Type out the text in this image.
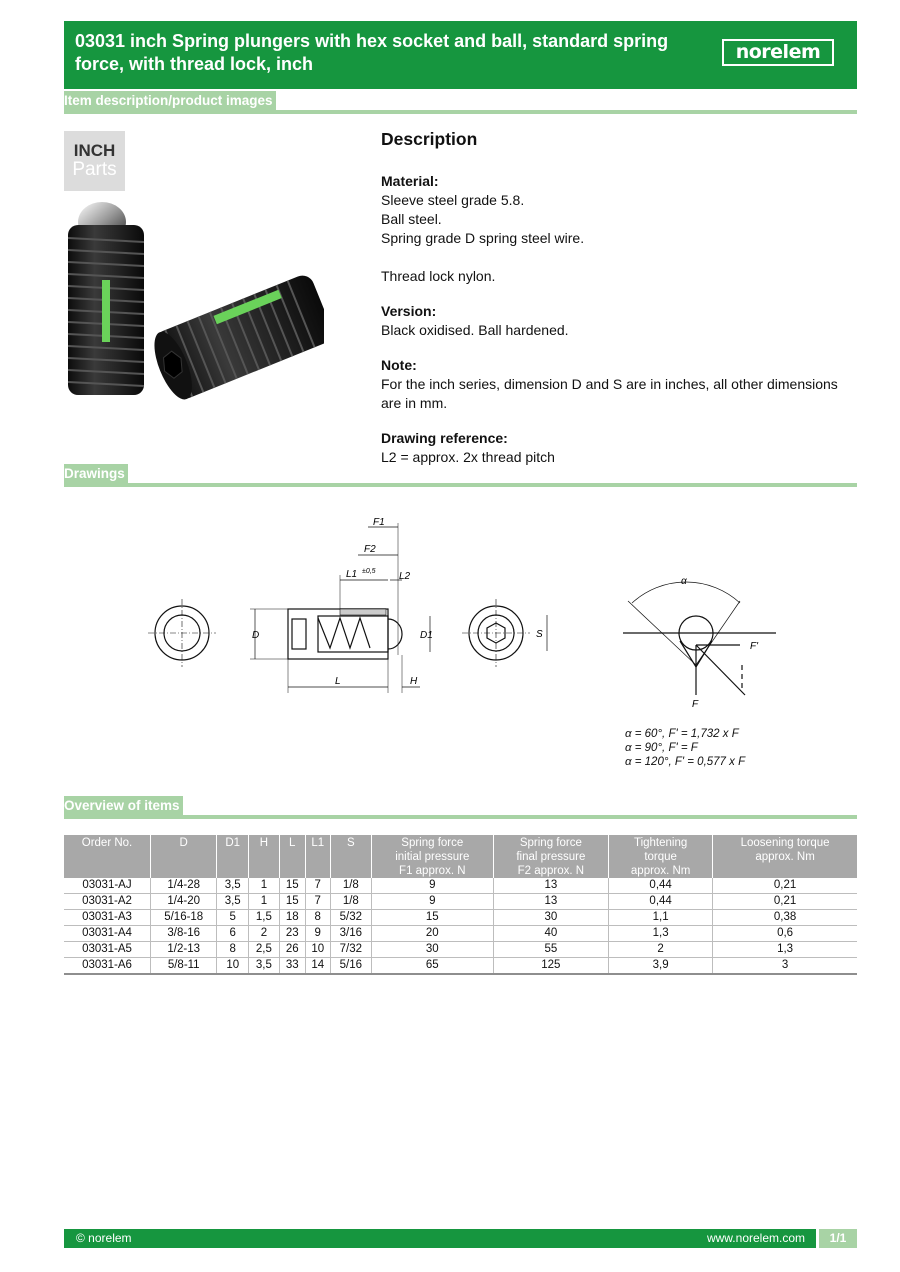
03031 inch Spring plungers with hex socket and ball, standard spring force, with thread lock, inch
norelem
Item description/product images
INCH
Parts
Description

Material:

Sleeve steel grade 5.8.

Ball steel.

Spring grade D spring steel wire.

Thread lock nylon.

Version:

Black oxidised. Ball hardened.

Note:

For the inch series, dimension D and S are in inches, all other dimensions are in mm.

Drawing reference:

L2 = approx. 2x thread pitch

Drawings
F1
F2
L1 ±0,5 L2
D	D1
L	H
S
α
F'
F
α = 60°, F' = 1,732 x F
α = 90°, F' = F
α = 120°, F' = 0,577 x F
Overview of items
Order No.	D	D1	H	L	L1	S	Spring force
initial pressure
F1 approx. N	Spring force
final pressure
F2 approx. N	Tightening
torque
approx. Nm	Loosening torque
approx. Nm
03031-AJ	1/4-28	3,5	1	15	7	1/8	9	13	0,44	0,21
03031-A2	1/4-20	3,5	1	15	7	1/8	9	13	0,44	0,21
03031-A3	5/16-18	5	1,5	18	8	5/32	15	30	1,1	0,38
03031-A4	3/8-16	6	2	23	9	3/16	20	40	1,3	0,6
03031-A5	1/2-13	8	2,5	26	10	7/32	30	55	2	1,3
03031-A6	5/8-11	10	3,5	33	14	5/16	65	125	3,9	3
© norelem	www.norelem.com	1/1
